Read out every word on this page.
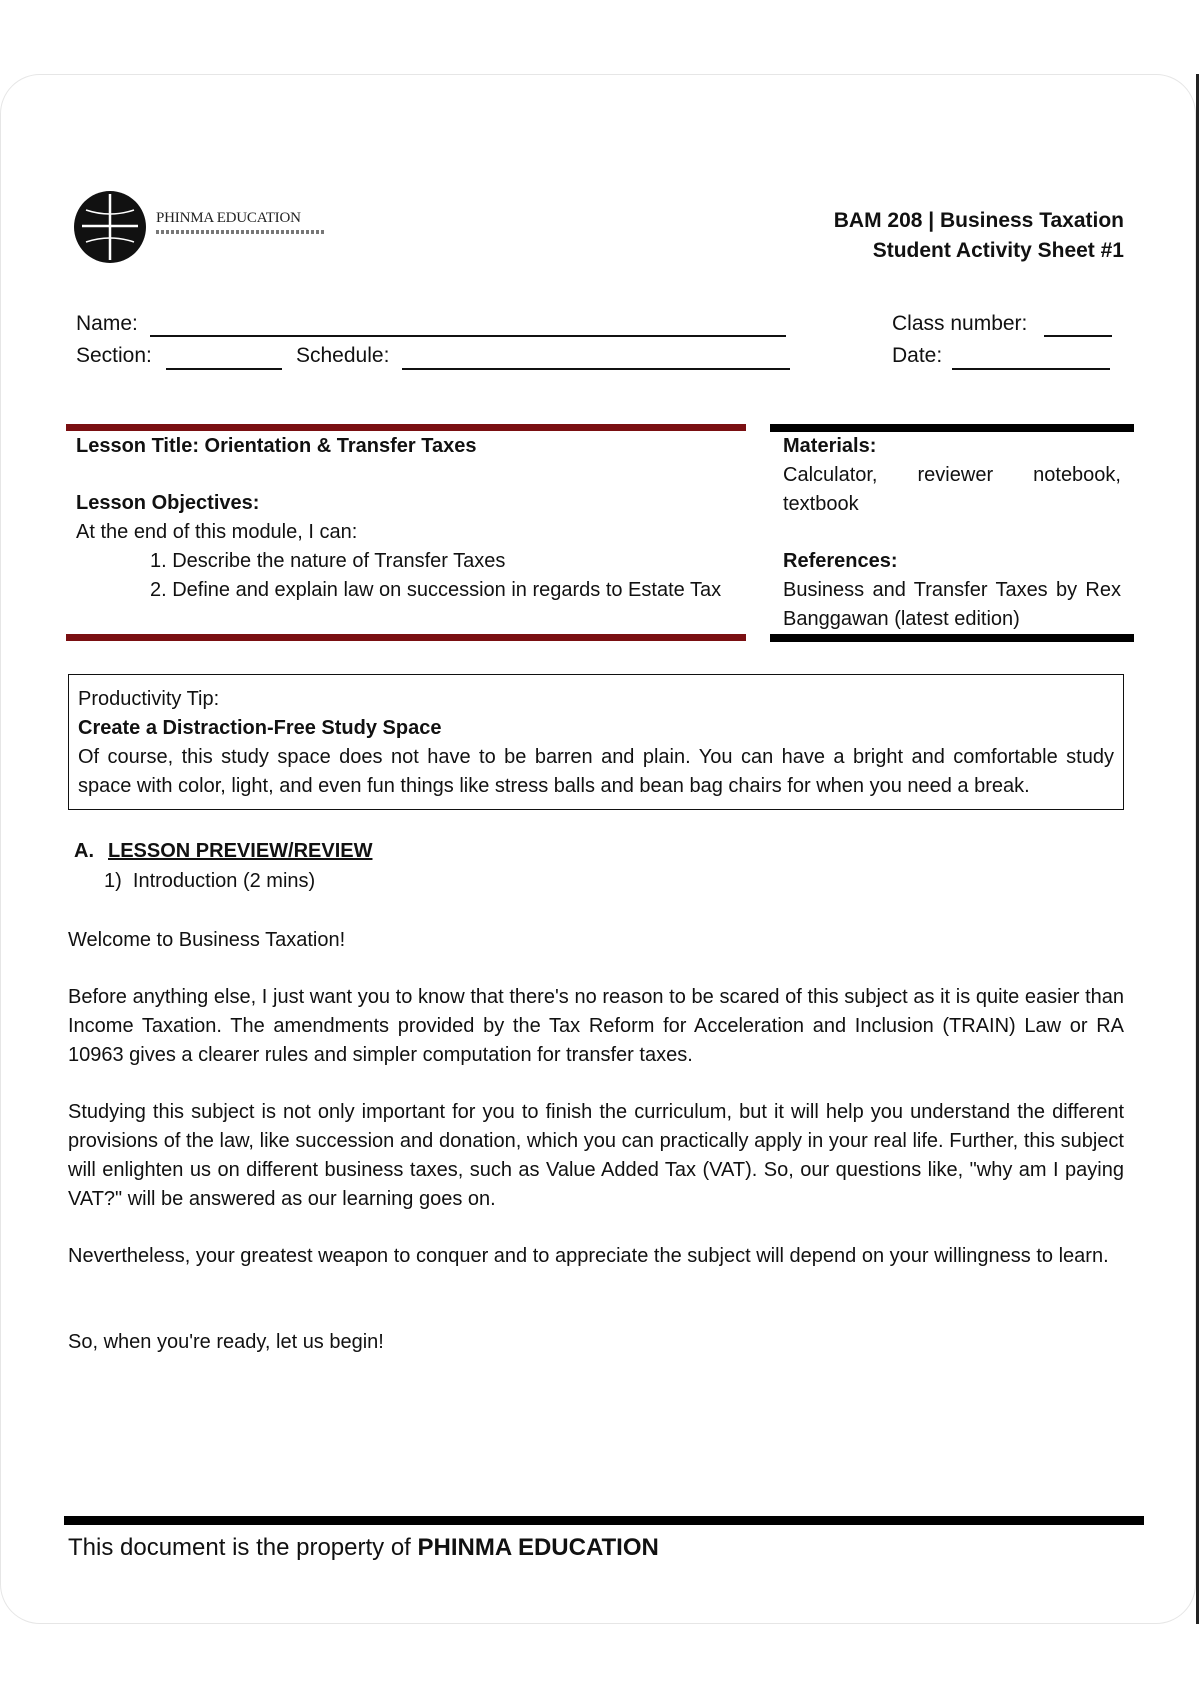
PHINMA EDUCATION	BAM 208 | Business Taxation
Student Activity Sheet #1
Name:	Class number:
Section:	Schedule:	Date:
Lesson Title: Orientation & Transfer Taxes
Lesson Objectives:
At the end of this module, I can:
1. Describe the nature of Transfer Taxes
2. Define and explain law on succession in regards to Estate Tax
Materials:
Calculator, reviewer notebook, textbook
References:
Business and Transfer Taxes by Rex Banggawan (latest edition)
Productivity Tip:
Create a Distraction-Free Study Space
Of course, this study space does not have to be barren and plain. You can have a bright and comfortable study space with color, light, and even fun things like stress balls and bean bag chairs for when you need a break.
A. LESSON PREVIEW/REVIEW
1)  Introduction (2 mins)
Welcome to Business Taxation!
Before anything else, I just want you to know that there's no reason to be scared of this subject as it is quite easier than Income Taxation. The amendments provided by the Tax Reform for Acceleration and Inclusion (TRAIN) Law or RA 10963 gives a clearer rules and simpler computation for transfer taxes.
Studying this subject is not only important for you to finish the curriculum, but it will help you understand the different provisions of the law, like succession and donation, which you can practically apply in your real life. Further, this subject will enlighten us on different business taxes, such as Value Added Tax (VAT). So, our questions like, "why am I paying VAT?" will be answered as our learning goes on.
Nevertheless, your greatest weapon to conquer and to appreciate the subject will depend on your willingness to learn.
So, when you're ready, let us begin!
This document is the property of PHINMA EDUCATION
